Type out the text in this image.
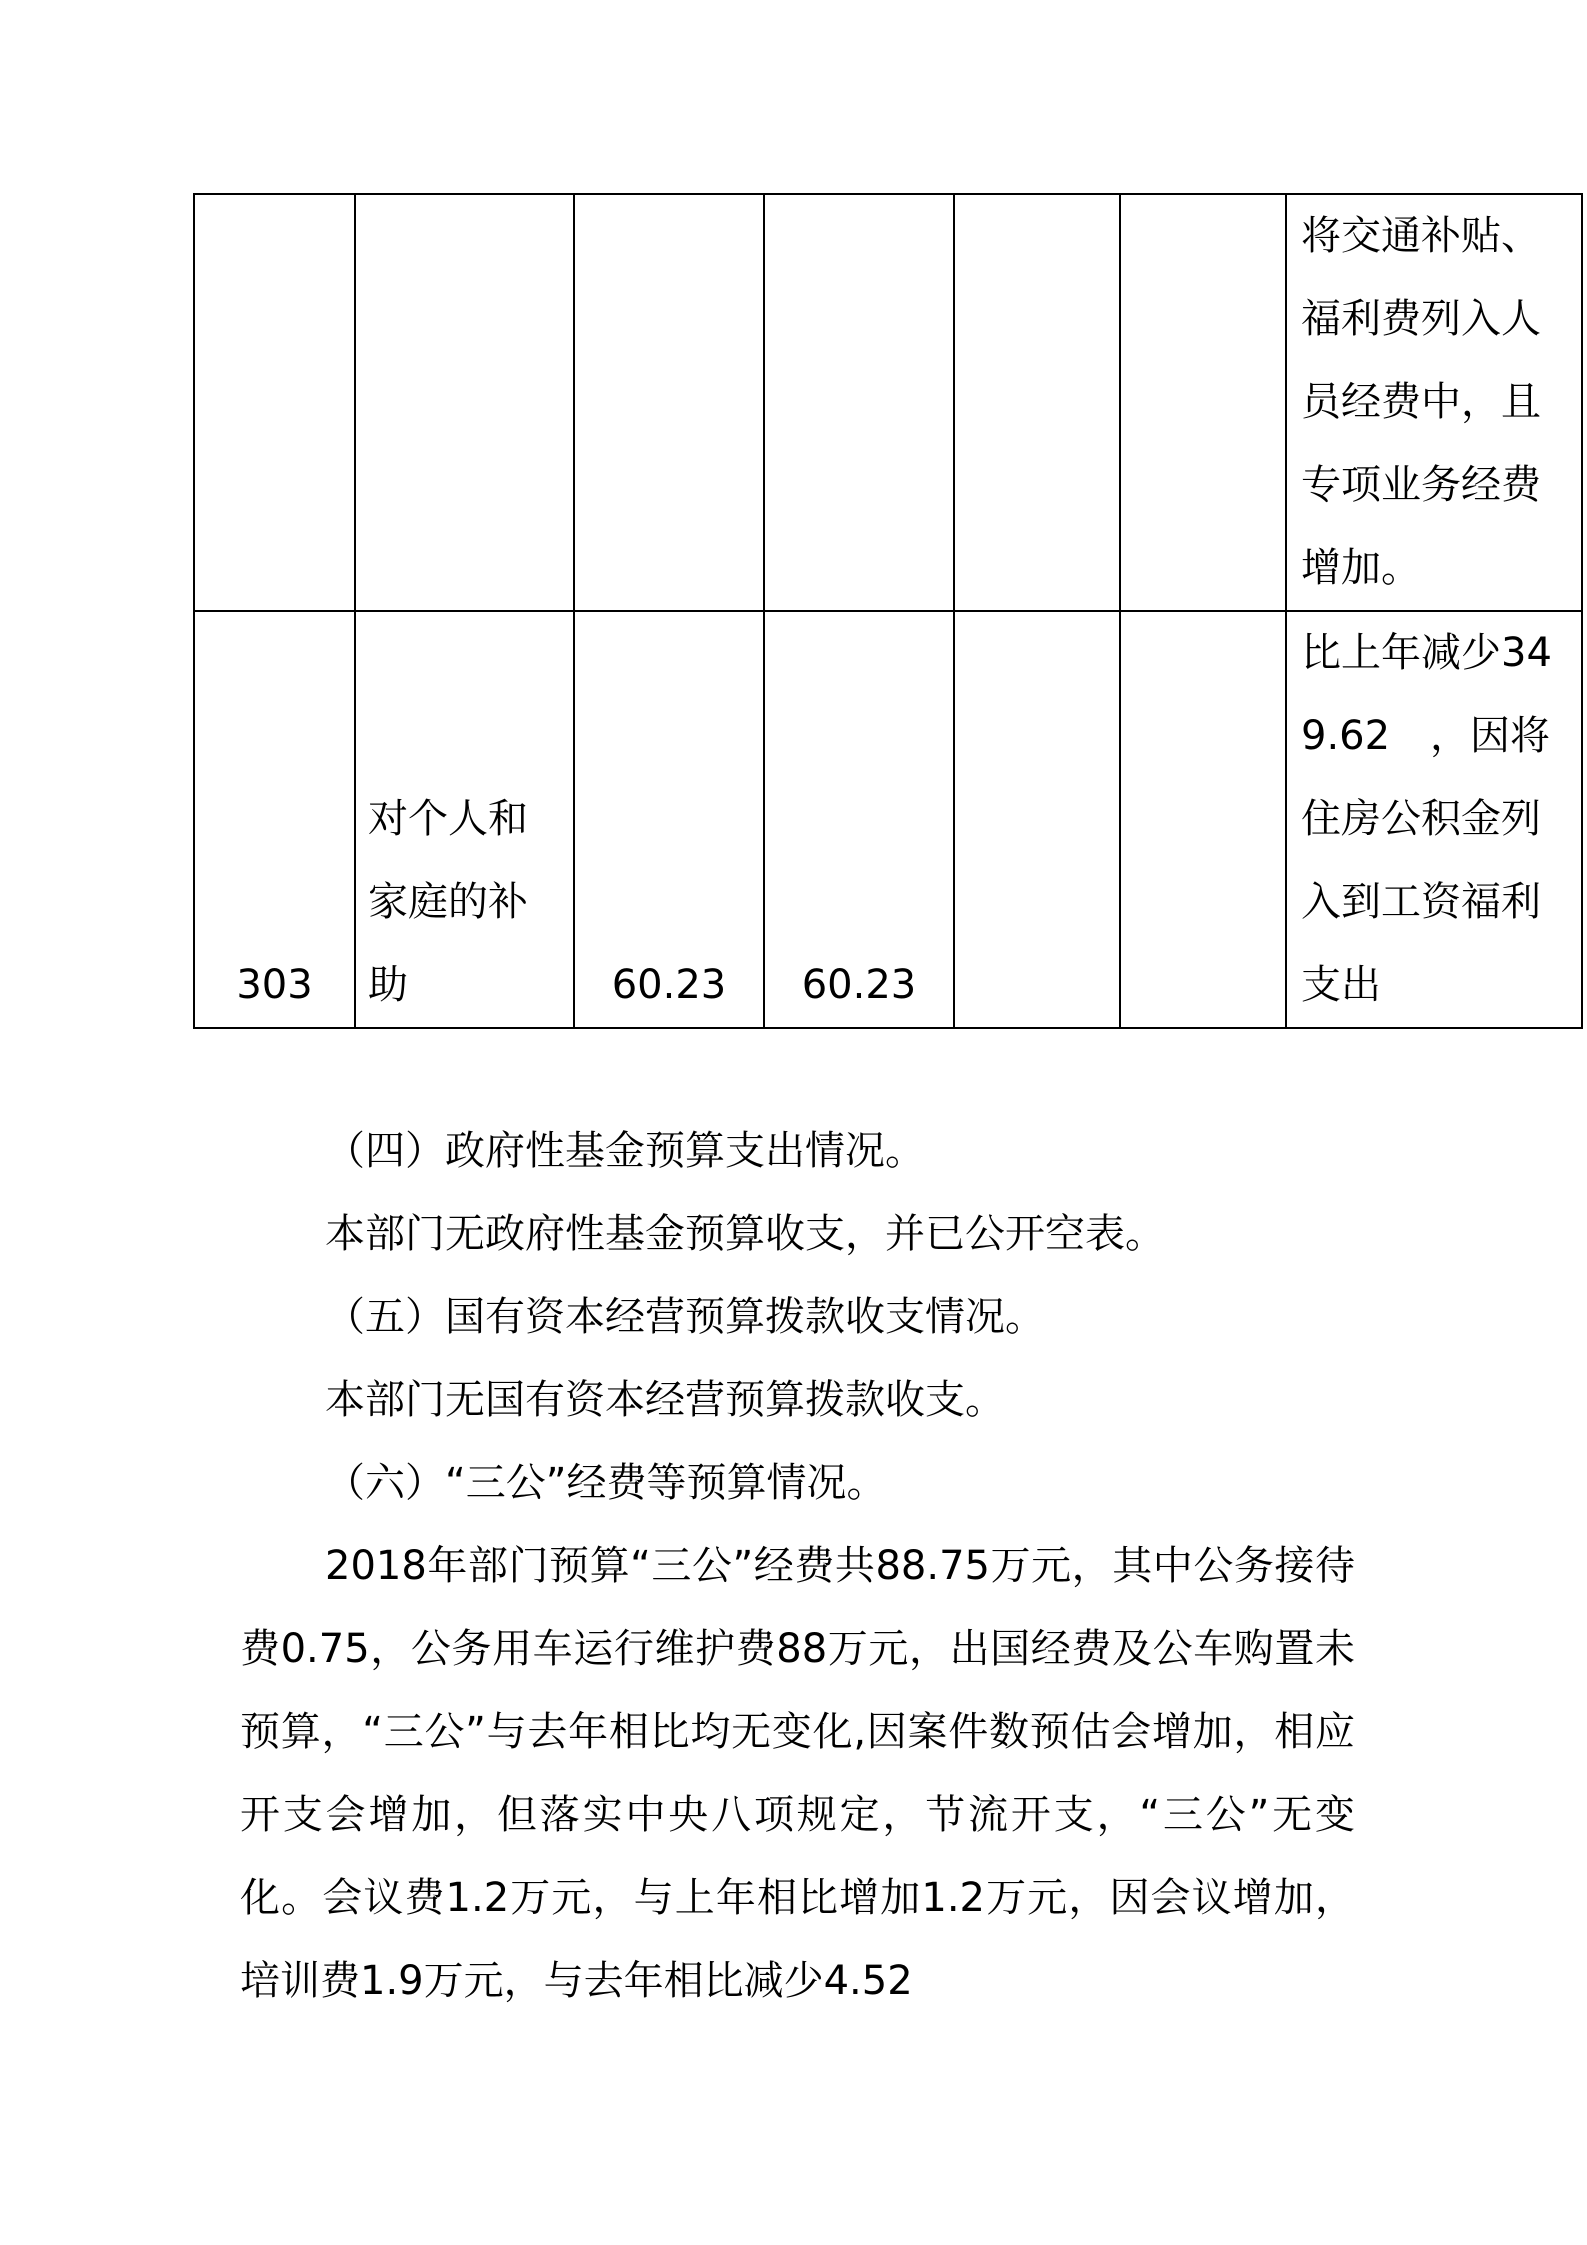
						将交通补贴、福利费列入人员经费中，且专项业务经费增加。

303	对个人和家庭的补助	60.23	60.23			比上年减少349.62　，因将住房公积金列入到工资福利支出

（四）政府性基金预算支出情况。

本部门无政府性基金预算收支，并已公开空表。

（五）国有资本经营预算拨款收支情况。

本部门无国有资本经营预算拨款收支。

（六）“三公”经费等预算情况。

2018年部门预算“三公”经费共88.75万元，其中公务接待费0.75，公务用车运行维护费88万元，出国经费及公车购置未预算，“三公”与去年相比均无变化,因案件数预估会增加，相应开支会增加，但落实中央八项规定，节流开支，“三公”无变化。会议费1.2万元，与上年相比增加1.2万元，因会议增加，培训费1.9万元，与去年相比减少4.52
